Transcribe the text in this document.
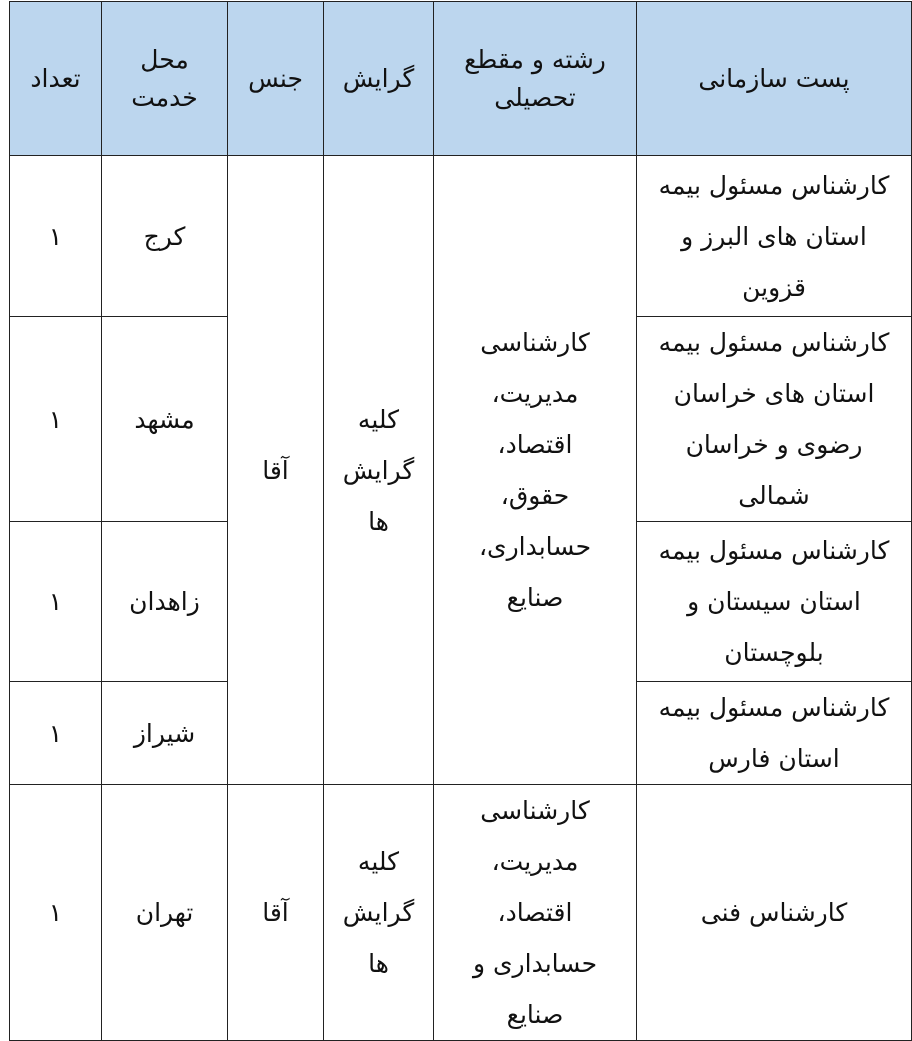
تعداد	محل خدمت	جنس	گرایش	رشته و مقطع تحصیلی	پست سازمانی
۱	کرج	آقا	کلیه گرایش ها	کارشناسی مدیریت، اقتصاد، حقوق، حسابداری، صنایع	کارشناس مسئول بیمه استان های البرز و قزوین

۱	مشهد				کارشناس مسئول بیمه استان های خراسان رضوی و خراسان شمالی

۱	زاهدان				کارشناس مسئول بیمه استان سیستان و بلوچستان

۱	شیراز				کارشناس مسئول بیمه استان فارس

۱	تهران	آقا	کلیه گرایش ها	کارشناسی مدیریت، اقتصاد، حسابداری و صنایع	کارشناس فنی
